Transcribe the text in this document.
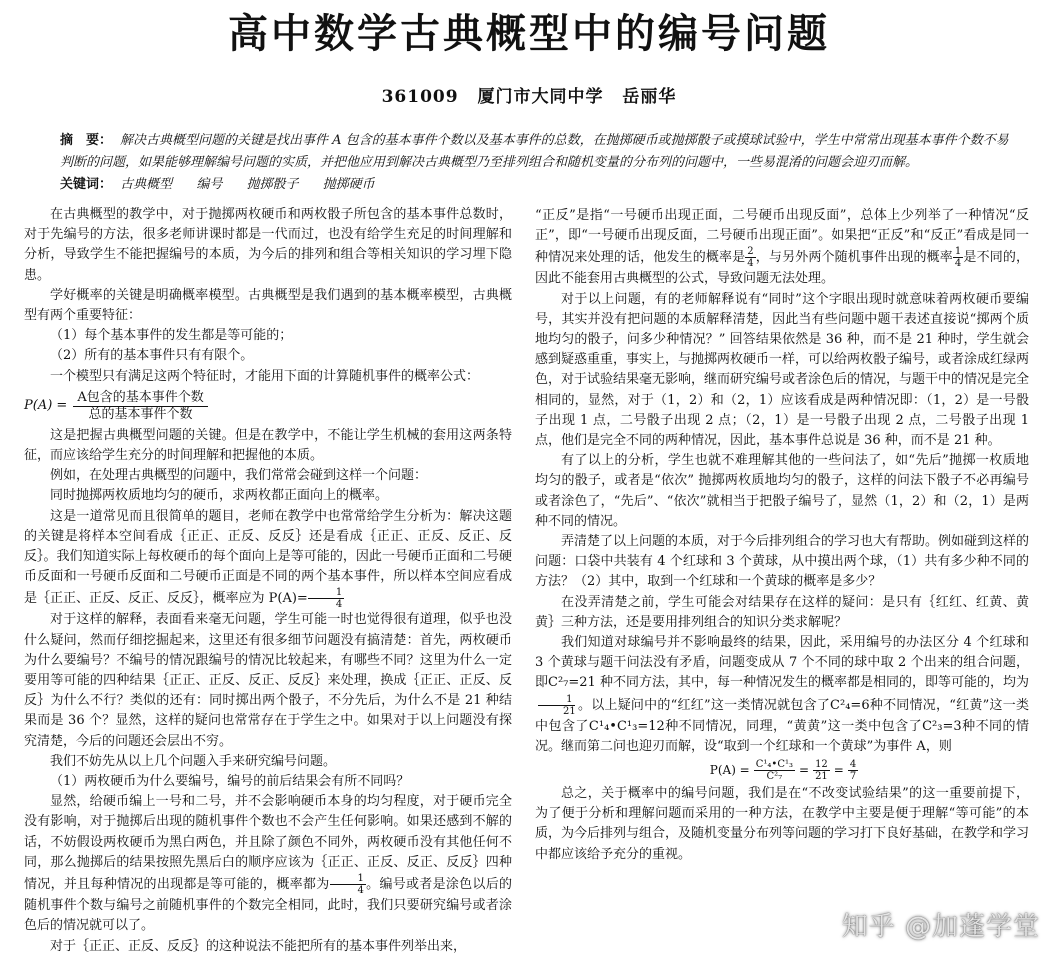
高中数学古典概型中的编号问题
361009 厦门市大同中学 岳丽华
摘　要： 解决古典概型问题的关键是找出事件 A 包含的基本事件个数以及基本事件的总数，在抛掷硬币或抛掷骰子或摸球试验中，学生中常常出现基本事件个数不易判断的问题，如果能够理解编号问题的实质，并把他应用到解决古典概型乃至排列组合和随机变量的分布列的问题中，一些易混淆的问题会迎刃而解。
关键词： 古典概型 编号 抛掷骰子 抛掷硬币

在古典概型的教学中，对于抛掷两枚硬币和两枚骰子所包含的基本事件总数时，对于先编号的方法，很多老师讲课时都是一代而过，也没有给学生充足的时间理解和分析，导致学生不能把握编号的本质，为今后的排列和组合等相关知识的学习埋下隐患。

学好概率的关键是明确概率模型。古典概型是我们遇到的基本概率模型，古典概型有两个重要特征：

（1）每个基本事件的发生都是等可能的；

（2）所有的基本事件只有有限个。

一个模型只有满足这两个特征时，才能用下面的计算随机事件的概率公式：

$P(A) = \frac{\text{A包含的基本事件个数}}{\text{总的基本事件个数}}$

这是把握古典概型问题的关键。但是在教学中，不能让学生机械的套用这两条特征，而应该给学生充分的时间理解和把握他的本质。

例如，在处理古典概型的问题中，我们常常会碰到这样一个问题：

同时抛掷两枚质地均匀的硬币，求两枚都正面向上的概率。

这是一道常见而且很简单的题目，老师在教学中也常常给学生分析为：解决这题的关键是将样本空间看成｛正正、正反、反反｝还是看成｛正正、正反、反正、反反｝。我们知道实际上每枚硬币的每个面向上是等可能的，因此一号硬币正面和二号硬币反面和一号硬币反面和二号硬币正面是不同的两个基本事件，所以样本空间应看成是｛正正、正反、反正、反反｝，概率应为 $P(A)= \frac{1}{4}$

对于这样的解释，表面看来毫无问题，学生可能一时也觉得很有道理，似乎也没什么疑问，然而仔细挖掘起来，这里还有很多细节问题没有搞清楚：首先，两枚硬币为什么要编号？不编号的情况跟编号的情况比较起来，有哪些不同？这里为什么一定要用等可能的四种结果｛正正、正反、反正、反反｝来处理，换成｛正正、正反、反反｝为什么不行？类似的还有：同时掷出两个骰子，不分先后，为什么不是 21 种结果而是 36 个？显然，这样的疑问也常常存在于学生之中。如果对于以上问题没有探究清楚，今后的问题还会层出不穷。

我们不妨先从以上几个问题入手来研究编号问题。

（1）两枚硬币为什么要编号，编号的前后结果会有所不同吗？

显然，给硬币编上一号和二号，并不会影响硬币本身的均匀程度，对于硬币完全没有影响，对于抛掷后出现的随机事件个数也不会产生任何影响。如果还感到不解的话，不妨假设两枚硬币为黑白两色，并且除了颜色不同外，两枚硬币没有其他任何不同，那么抛掷后的结果按照先黑后白的顺序应该为｛正正、正反、反正、反反｝四种情况，并且每种情况的出现都是等可能的，概率都为 $\frac{1}{4}$ 。编号或者是涂色以后的随机事件个数与编号之前随机事件的个数完全相同，此时，我们只要研究编号或者涂色后的情况就可以了。

对于｛正正、正反、反反｝的这种说法不能把所有的基本事件列举出来，

“正反”是指“一号硬币出现正面，二号硬币出现反面”，总体上少列举了一种情况“反正”，即“一号硬币出现反面，二号硬币出现正面”。如果把“正反”和“反正”看成是同一种情况来处理的话，他发生的概率是 $\frac{2}{4}$ ，与另外两个随机事件出现的概率 $\frac{1}{4}$ 是不同的，因此不能套用古典概型的公式，导致问题无法处理。

对于以上问题，有的老师解释说有“同时”这个字眼出现时就意味着两枚硬币要编号，其实并没有把问题的本质解释清楚，因此当有些问题中题干表述直接说“掷两个质地均匀的骰子，问多少种情况？” 回答结果依然是 36 种，而不是 21 种时，学生就会感到疑惑重重，事实上，与抛掷两枚硬币一样，可以给两枚骰子编号，或者涂成红绿两色，对于试验结果毫无影响，继而研究编号或者涂色后的情况，与题干中的情况是完全相同的，显然，对于（1，2）和（2，1）应该看成是两种情况即：（1，2）是一号骰子出现 1 点，二号骰子出现 2 点；（2，1）是一号骰子出现 2 点，二号骰子出现 1 点，他们是完全不同的两种情况，因此，基本事件总说是 36 种，而不是 21 种。

有了以上的分析，学生也就不难理解其他的一些问法了，如“先后”抛掷一枚质地均匀的骰子，或者是“依次” 抛掷两枚质地均匀的骰子，这样的问法下骰子不必再编号或者涂色了，“先后”、“依次”就相当于把骰子编号了，显然（1，2）和（2，1）是两种不同的情况。

弄清楚了以上问题的本质，对于今后排列组合的学习也大有帮助。例如碰到这样的问题：口袋中共装有 4 个红球和 3 个黄球，从中摸出两个球，（1）共有多少种不同的方法？（2）其中，取到一个红球和一个黄球的概率是多少？

在没弄清楚之前，学生可能会对结果存在这样的疑问：是只有｛红红、红黄、黄黄｝三种方法，还是要用排列组合的知识分类求解呢？

我们知道对球编号并不影响最终的结果，因此，采用编号的办法区分 4 个红球和 3 个黄球与题干问法没有矛盾，问题变成从 7 个不同的球中取 2 个出来的组合问题，即C²₇=21 种不同方法，其中，每一种情况发生的概率都是相同的，即等可能的，均为
$\frac{1}{21}$ 。以上疑问中的“红红”这一类情况就包含了C²₄=6种不同情况，“红黄”这一类中包含了C¹₄•C¹₃=12种不同情况，同理，“黄黄”这一类中包含了C²₃=3种不同的情况。继而第二问也迎刃而解，设“取到一个红球和一个黄球”为事件 A，则

$P(A) = \frac{\text{C¹₄•C¹₃}}{\text{C²₇}} = \frac{12}{21} = \frac{4}{7}$

总之，关于概率中的编号问题，我们是在“不改变试验结果”的这一重要前提下，为了便于分析和理解问题而采用的一种方法，在教学中主要是便于理解“等可能”的本质，为今后排列与组合，及随机变量分布列等问题的学习打下良好基础，在教学和学习中都应该给予充分的重视。

知乎 @加蓬学堂
